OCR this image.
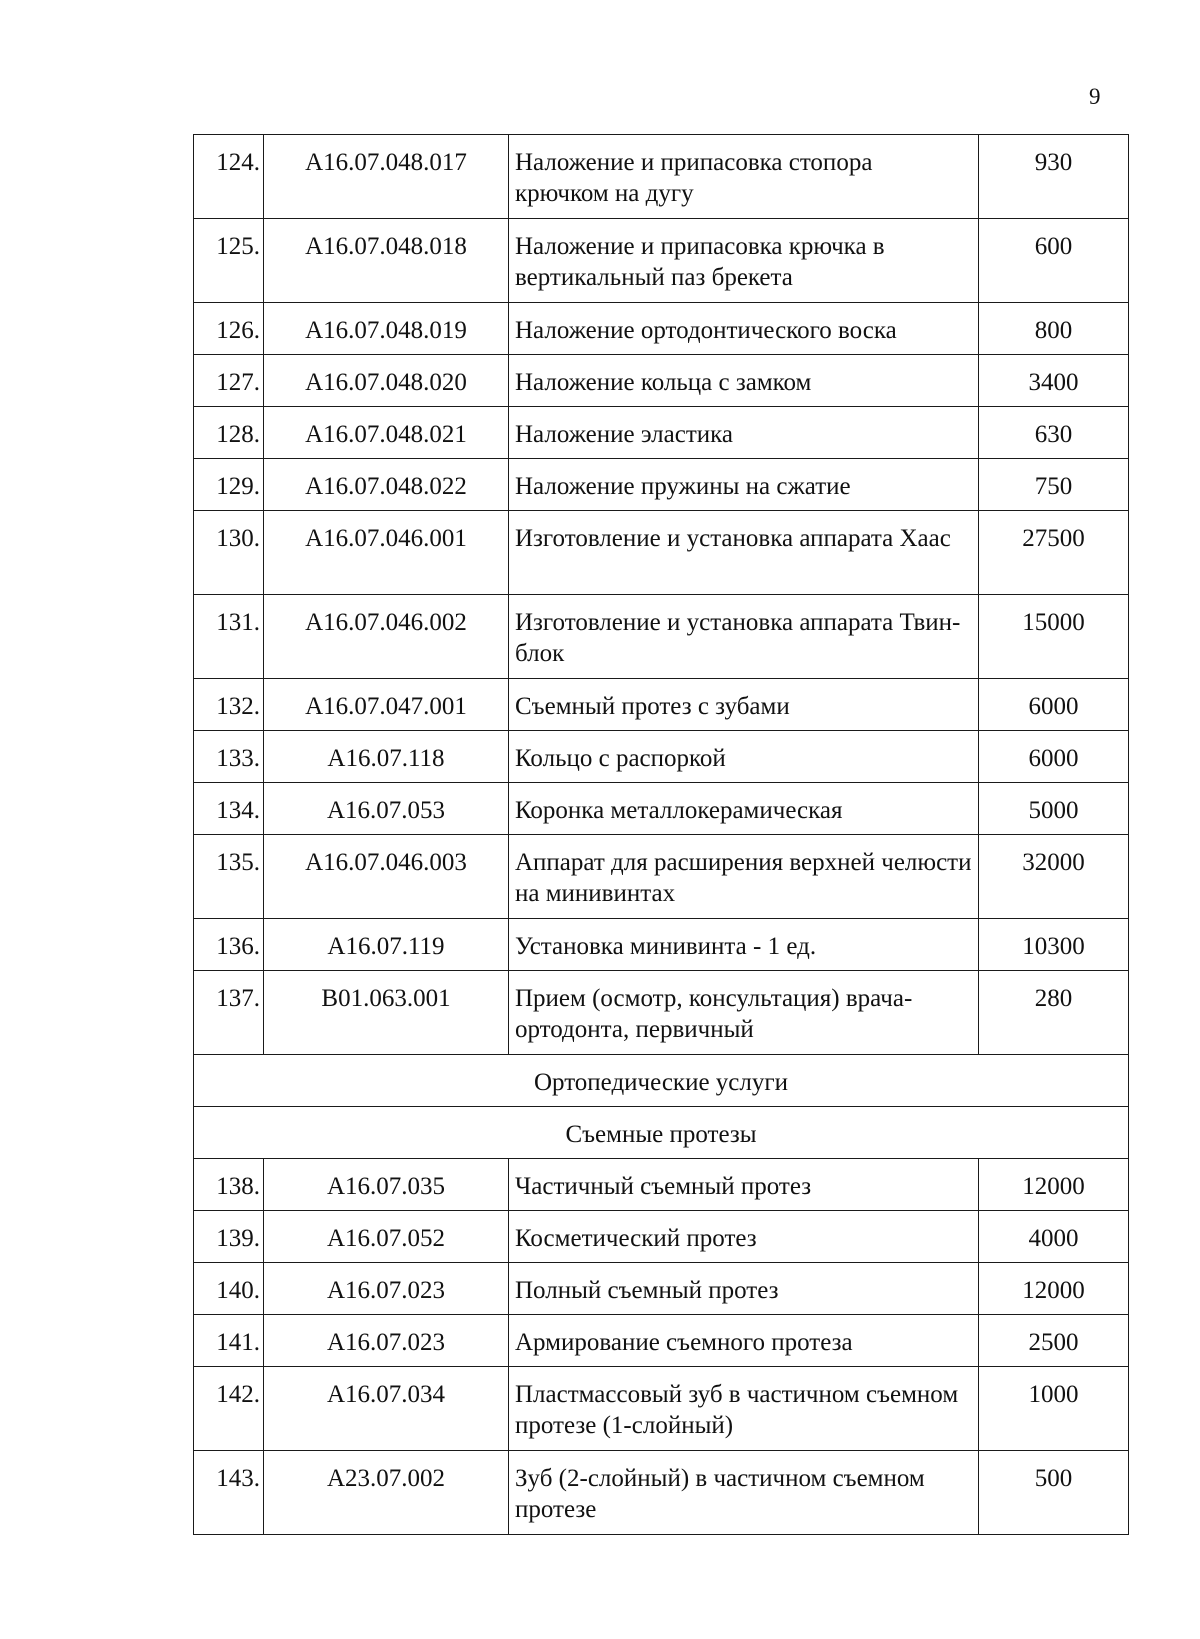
9
124.	A16.07.048.017	Наложение и припасовка стопора крючком на дугу	930
125.	A16.07.048.018	Наложение и припасовка крючка в вертикальный паз брекета	600
126.	A16.07.048.019	Наложение ортодонтического воска	800
127.	A16.07.048.020	Наложение кольца с замком	3400
128.	A16.07.048.021	Наложение эластика	630
129.	A16.07.048.022	Наложение пружины на сжатие	750
130.	A16.07.046.001	Изготовление и установка аппарата Хаас	27500
131.	A16.07.046.002	Изготовление и установка аппарата Твин-блок	15000
132.	A16.07.047.001	Съемный протез с зубами	6000
133.	A16.07.118	Кольцо с распоркой	6000
134.	A16.07.053	Коронка металлокерамическая	5000
135.	A16.07.046.003	Аппарат для расширения верхней челюсти на минивинтах	32000
136.	A16.07.119	Установка минивинта - 1 ед.	10300
137.	B01.063.001	Прием (осмотр, консультация) врача-ортодонта, первичный	280
Ортопедические услуги			
Съемные протезы			
138.	A16.07.035	Частичный съемный протез	12000
139.	A16.07.052	Косметический протез	4000
140.	A16.07.023	Полный съемный протез	12000
141.	A16.07.023	Армирование съемного протеза	2500
142.	A16.07.034	Пластмассовый зуб в частичном съемном протезе (1-слойный)	1000
143.	A23.07.002	Зуб (2-слойный) в частичном съемном протезе	500
